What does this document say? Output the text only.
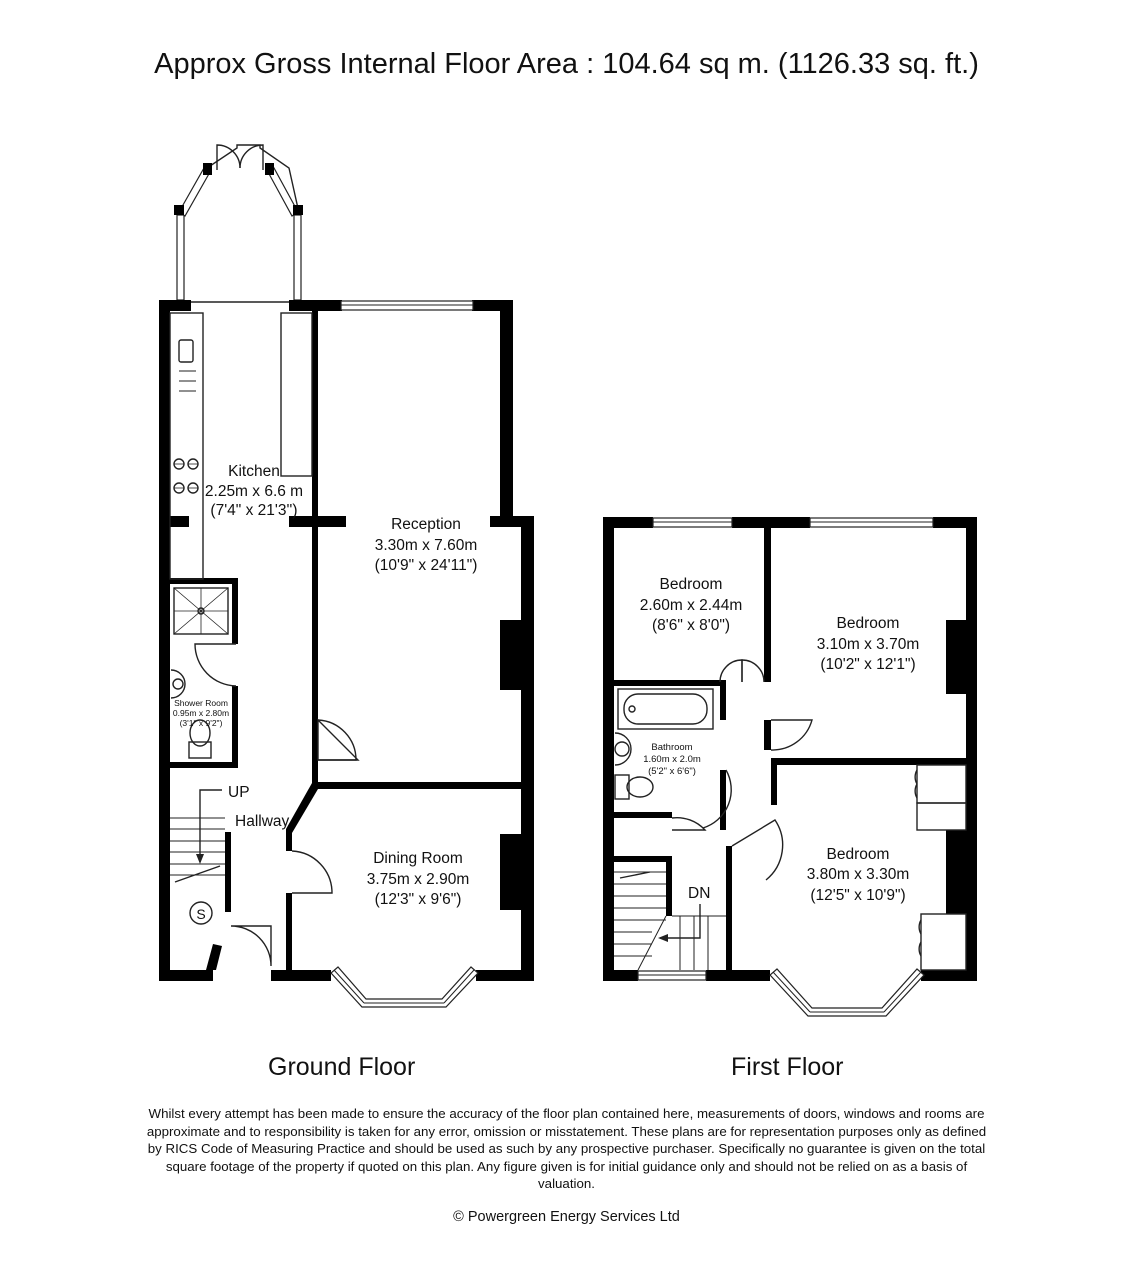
Approx Gross Internal Floor Area : 104.64 sq m. (1126.33 sq. ft.)
S
Kitchen
2.25m x 6.6 m
(7'4" x 21'3'')
Reception
3.30m x 7.60m
(10'9" x 24'11")
Shower Room
0.95m x 2.80m
(3'1" x 9'2")
UP
Hallway
Dining Room
3.75m x 2.90m
(12'3" x 9'6")
Bedroom
2.60m x 2.44m
(8'6" x 8'0")	Bedroom
3.10m x 3.70m
(10'2" x 12'1")
Bathroom
1.60m x 2.0m
(5'2" x 6'6")
DN
Bedroom
3.80m x 3.30m
(12'5" x 10'9")
Ground Floor	First Floor
Whilst every attempt has been made to ensure the accuracy of the floor plan contained here, measurements of doors, windows and rooms are approximate and to responsibility is taken for any error, omission or misstatement. These plans are for representation purposes only as defined by RICS Code of Measuring Practice and should be used as such by any prospective purchaser. Specifically no guarantee is given on the total square footage of the property if quoted on this plan. Any figure given is for initial guidance only and should not be relied on as a basis of valuation.
© Powergreen Energy Services Ltd
